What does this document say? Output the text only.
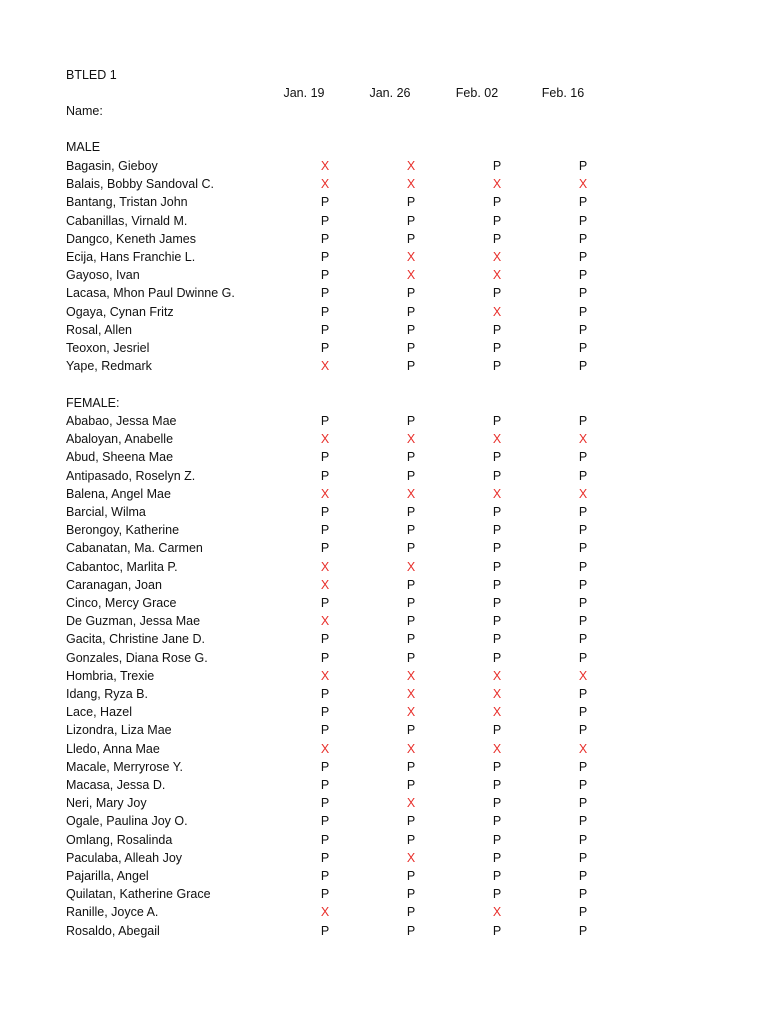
BTLED 1
Name:
Jan. 19	Jan. 26	Feb. 02	Feb. 16
MALE
Bagasin, Gieboy	X	X	P	P
Balais, Bobby Sandoval C.	X	X	X	X
Bantang, Tristan John	P	P	P	P
Cabanillas, Virnald M.	P	P	P	P
Dangco, Keneth James	P	P	P	P
Ecija, Hans Franchie L.	P	X	X	P
Gayoso, Ivan	P	X	X	P
Lacasa, Mhon Paul Dwinne G.	P	P	P	P
Ogaya, Cynan Fritz	P	P	X	P
Rosal, Allen	P	P	P	P
Teoxon, Jesriel	P	P	P	P
Yape, Redmark	X	P	P	P
FEMALE:
Ababao, Jessa Mae	P	P	P	P
Abaloyan, Anabelle	X	X	X	X
Abud, Sheena Mae	P	P	P	P
Antipasado, Roselyn Z.	P	P	P	P
Balena, Angel Mae	X	X	X	X
Barcial, Wilma	P	P	P	P
Berongoy, Katherine	P	P	P	P
Cabanatan, Ma. Carmen	P	P	P	P
Cabantoc, Marlita P.	X	X	P	P
Caranagan, Joan	X	P	P	P
Cinco, Mercy Grace	P	P	P	P
De Guzman, Jessa Mae	X	P	P	P
Gacita, Christine Jane D.	P	P	P	P
Gonzales, Diana Rose G.	P	P	P	P
Hombria, Trexie	X	X	X	X
Idang, Ryza B.	P	X	X	P
Lace, Hazel	P	X	X	P
Lizondra, Liza Mae	P	P	P	P
Lledo, Anna Mae	X	X	X	X
Macale, Merryrose Y.	P	P	P	P
Macasa, Jessa D.	P	P	P	P
Neri, Mary Joy	P	X	P	P
Ogale, Paulina Joy O.	P	P	P	P
Omlang, Rosalinda	P	P	P	P
Paculaba, Alleah Joy	P	X	P	P
Pajarilla, Angel	P	P	P	P
Quilatan, Katherine Grace	P	P	P	P
Ranille, Joyce A.	X	P	X	P
Rosaldo, Abegail	P	P	P	P
